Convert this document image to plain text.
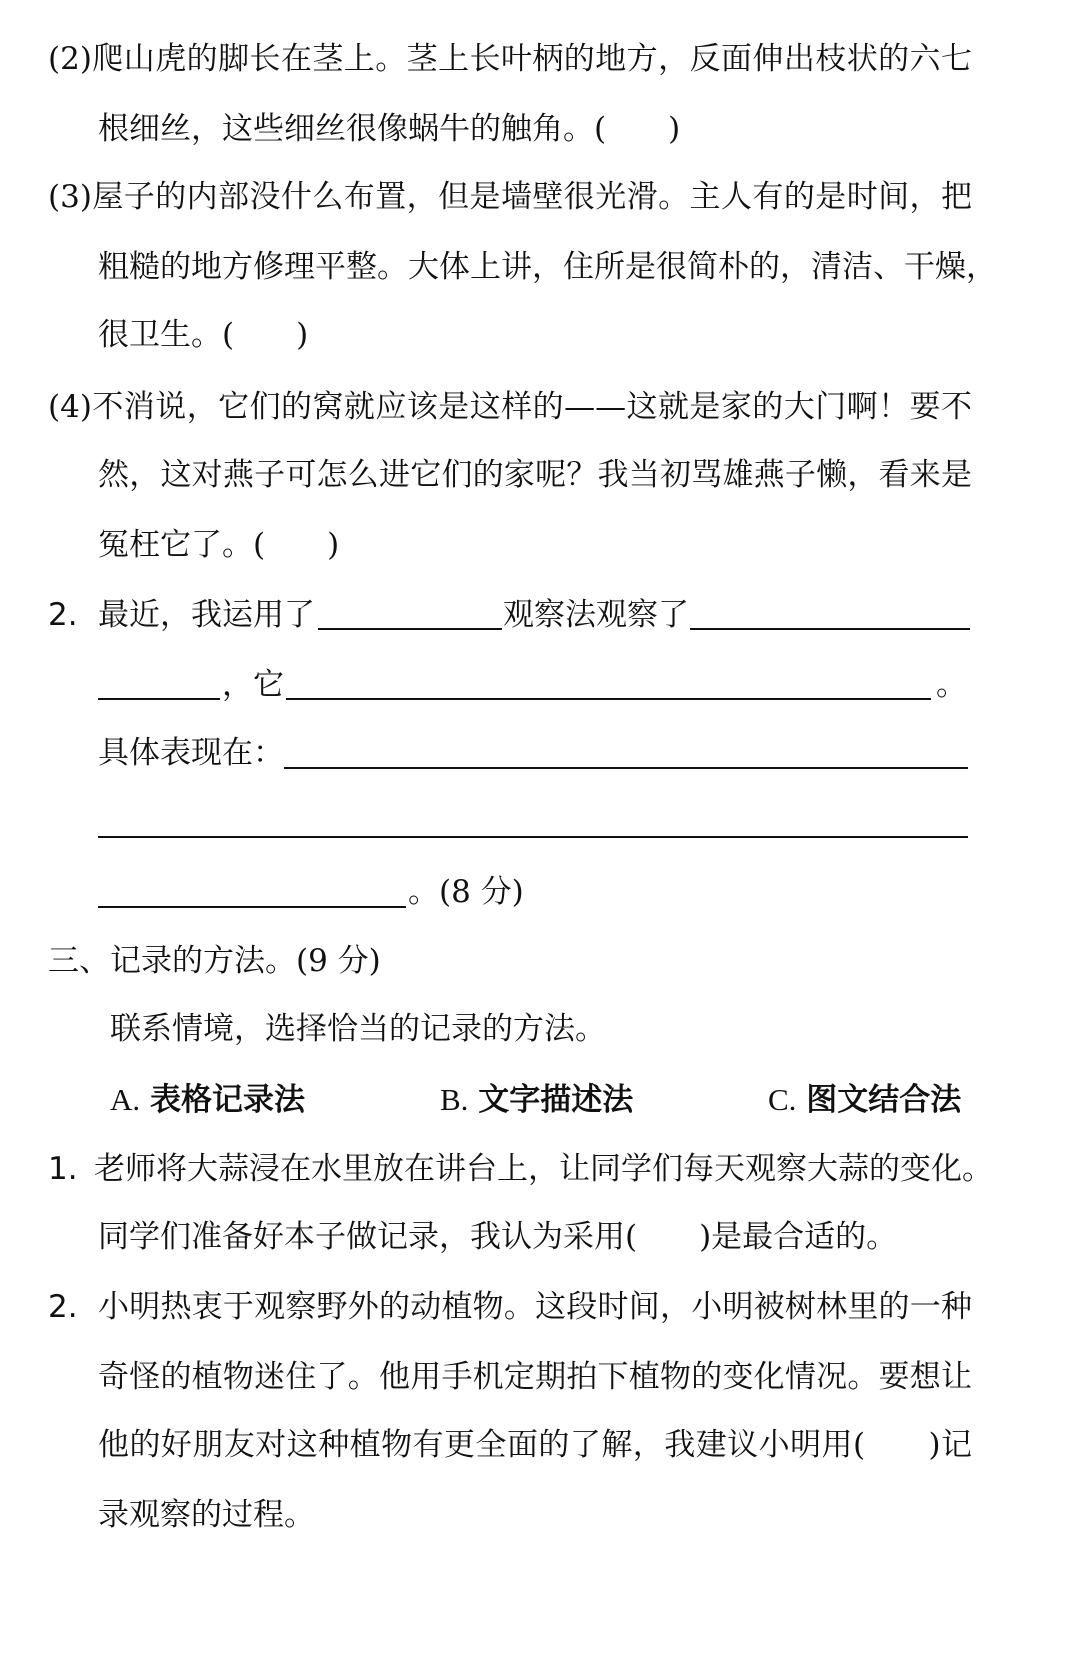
(2)爬山虎的脚长在茎上。茎上长叶柄的地方，反面伸出枝状的六七
根细丝，这些细丝很像蜗牛的触角。(　　)
(3)屋子的内部没什么布置，但是墙壁很光滑。主人有的是时间，把
粗糙的地方修理平整。大体上讲，住所是很简朴的，清洁、干燥，
很卫生。(　　)
(4)不消说，它们的窝就应该是这样的——这就是家的大门啊！要不
然，这对燕子可怎么进它们的家呢？我当初骂雄燕子懒，看来是
冤枉它了。(　　)
2. 最近，我运用了	观察法观察了
，它	。
具体表现在：
。(8 分)
三、记录的方法。(9 分)
联系情境，选择恰当的记录的方法。
A. 表格记录法	B. 文字描述法	C. 图文结合法
1. 老师将大蒜浸在水里放在讲台上，让同学们每天观察大蒜的变化。
同学们准备好本子做记录，我认为采用(　　)是最合适的。
2. 小明热衷于观察野外的动植物。这段时间，小明被树林里的一种
奇怪的植物迷住了。他用手机定期拍下植物的变化情况。要想让
他的好朋友对这种植物有更全面的了解，我建议小明用(　　)记
录观察的过程。
